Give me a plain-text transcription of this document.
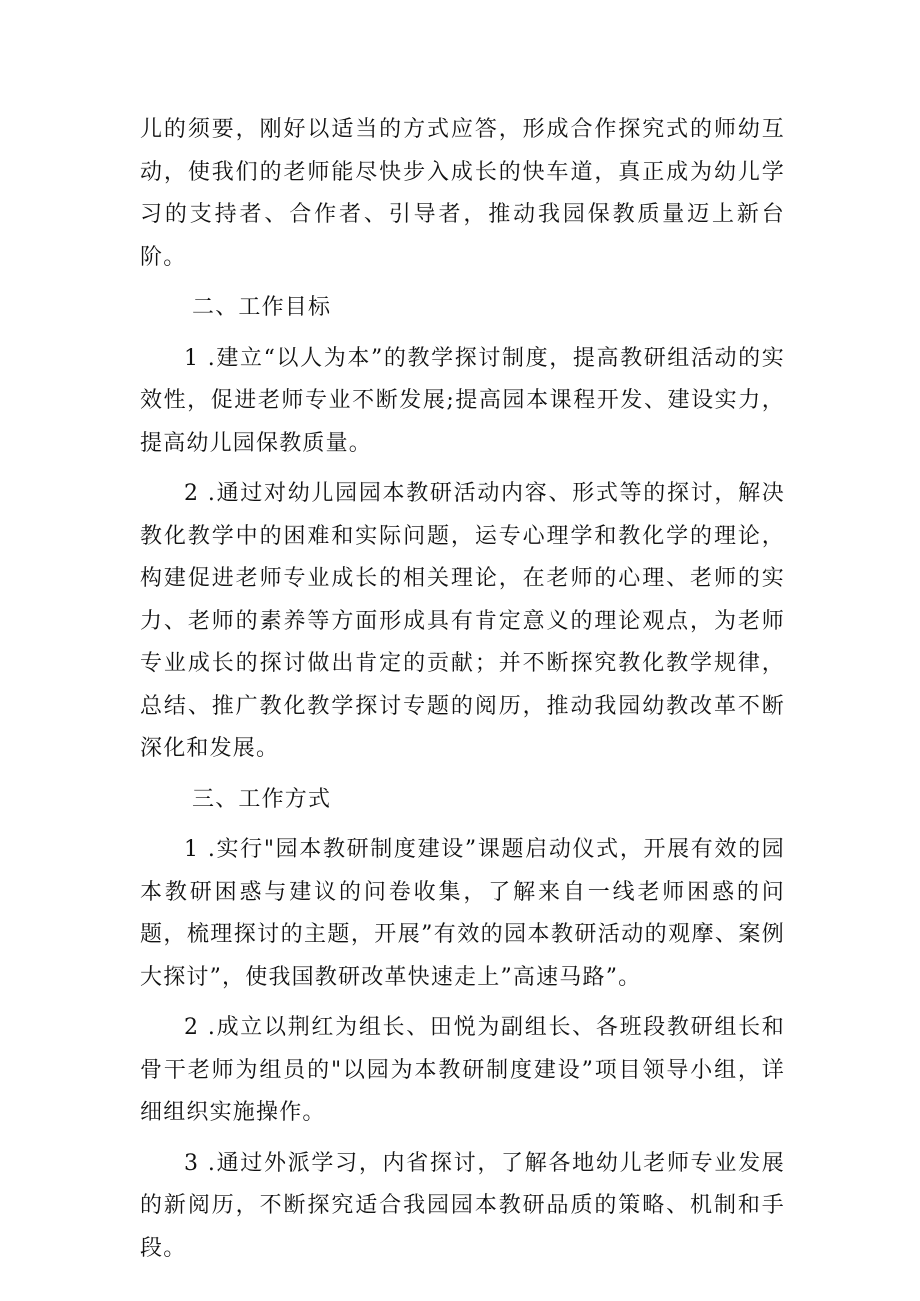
儿的须要，刚好以适当的方式应答，形成合作探究式的师幼互动，使我们的老师能尽快步入成长的快车道，真正成为幼儿学习的支持者、合作者、引导者，推动我园保教质量迈上新台阶。

二、工作目标

1 .建立“以人为本”的教学探讨制度，提高教研组活动的实效性，促进老师专业不断发展;提高园本课程开发、建设实力，提高幼儿园保教质量。

2 .通过对幼儿园园本教研活动内容、形式等的探讨，解决教化教学中的困难和实际问题，运专心理学和教化学的理论，构建促进老师专业成长的相关理论，在老师的心理、老师的实力、老师的素养等方面形成具有肯定意义的理论观点，为老师专业成长的探讨做出肯定的贡献；并不断探究教化教学规律，总结、推广教化教学探讨专题的阅历，推动我园幼教改革不断深化和发展。

三、工作方式

1 .实行"园本教研制度建设”课题启动仪式，开展有效的园本教研困惑与建议的问卷收集，了解来自一线老师困惑的问题，梳理探讨的主题，开展”有效的园本教研活动的观摩、案例大探讨”，使我国教研改革快速走上”高速马路”。

2 .成立以荆红为组长、田悦为副组长、各班段教研组长和骨干老师为组员的"以园为本教研制度建设”项目领导小组，详细组织实施操作。

3 .通过外派学习，内省探讨，了解各地幼儿老师专业发展的新阅历，不断探究适合我园园本教研品质的策略、机制和手段。
